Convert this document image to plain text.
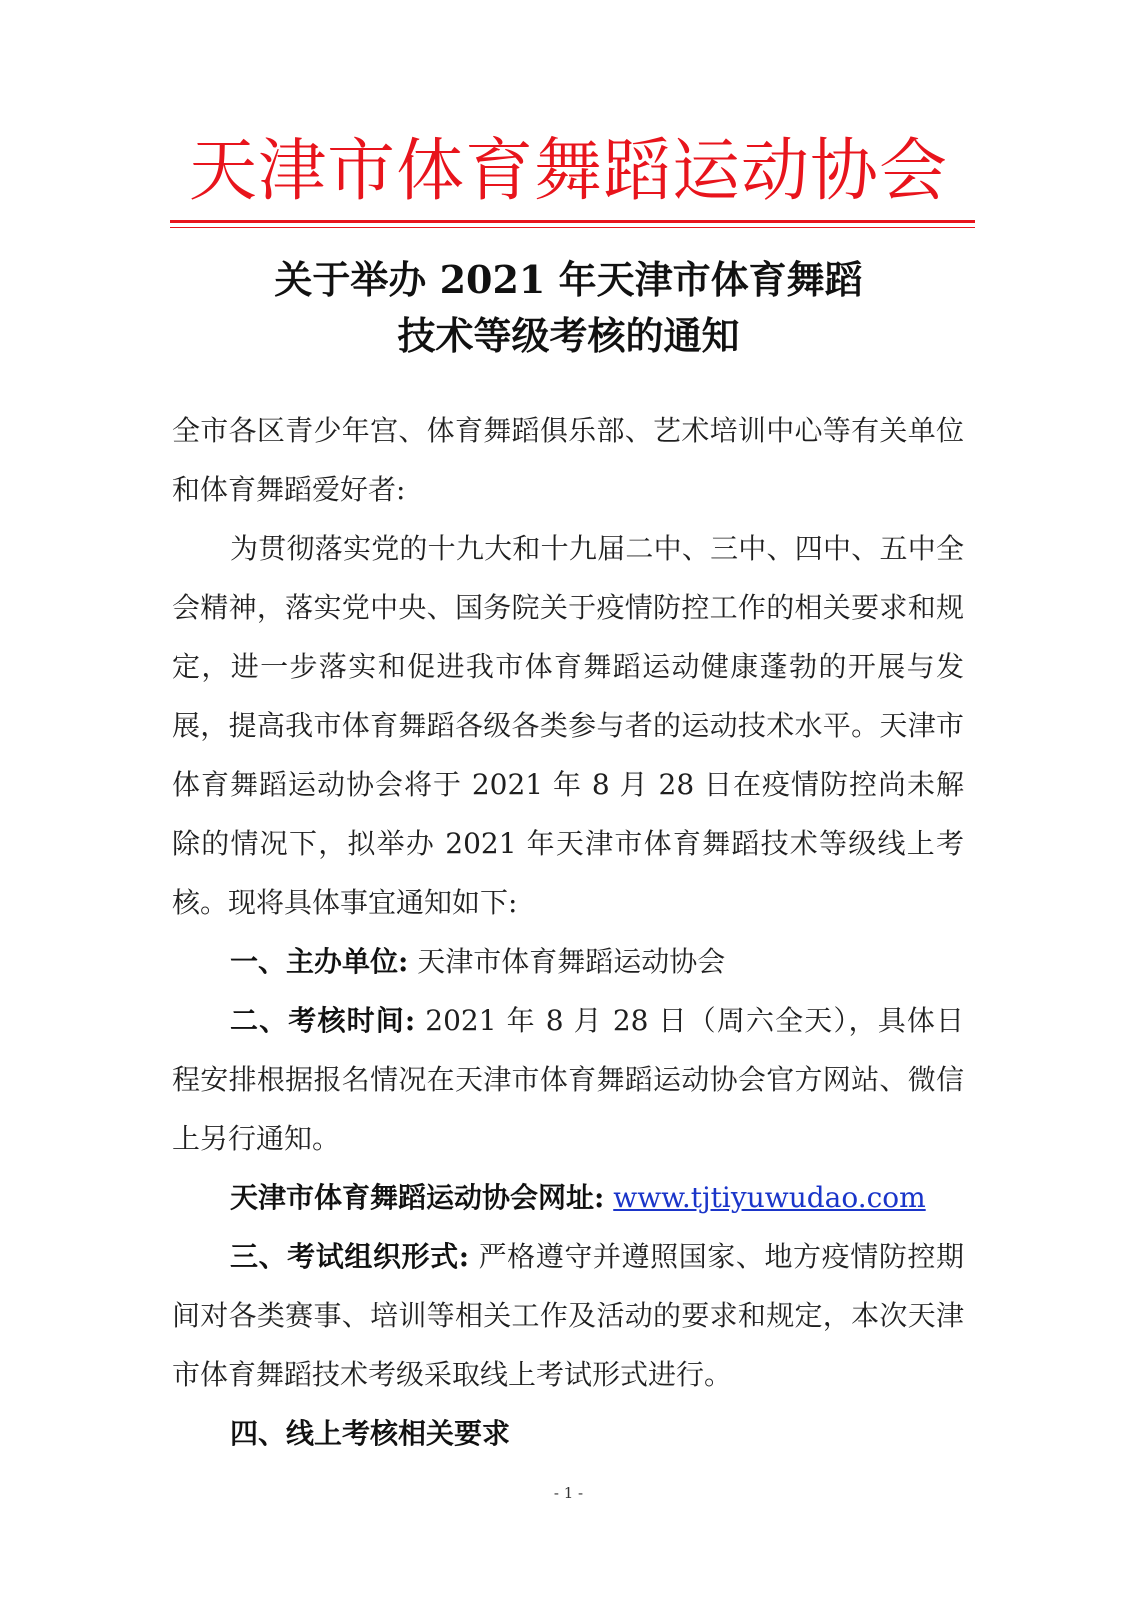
天津市体育舞蹈运动协会
关于举办 2021 年天津市体育舞蹈
技术等级考核的通知

全市各区青少年宫、体育舞蹈俱乐部、艺术培训中心等有关单位和体育舞蹈爱好者:

为贯彻落实党的十九大和十九届二中、三中、四中、五中全会精神，落实党中央、国务院关于疫情防控工作的相关要求和规定，进一步落实和促进我市体育舞蹈运动健康蓬勃的开展与发展，提高我市体育舞蹈各级各类参与者的运动技术水平。天津市体育舞蹈运动协会将于 2021 年 8 月 28 日在疫情防控尚未解除的情况下，拟举办 2021 年天津市体育舞蹈技术等级线上考核。现将具体事宜通知如下:

一、主办单位: 天津市体育舞蹈运动协会

二、考核时间: 2021 年 8 月 28 日（周六全天），具体日程安排根据报名情况在天津市体育舞蹈运动协会官方网站、微信上另行通知。

天津市体育舞蹈运动协会网址: www.tjtiyuwudao.com

三、考试组织形式: 严格遵守并遵照国家、地方疫情防控期间对各类赛事、培训等相关工作及活动的要求和规定，本次天津市体育舞蹈技术考级采取线上考试形式进行。

四、线上考核相关要求

- 1 -
